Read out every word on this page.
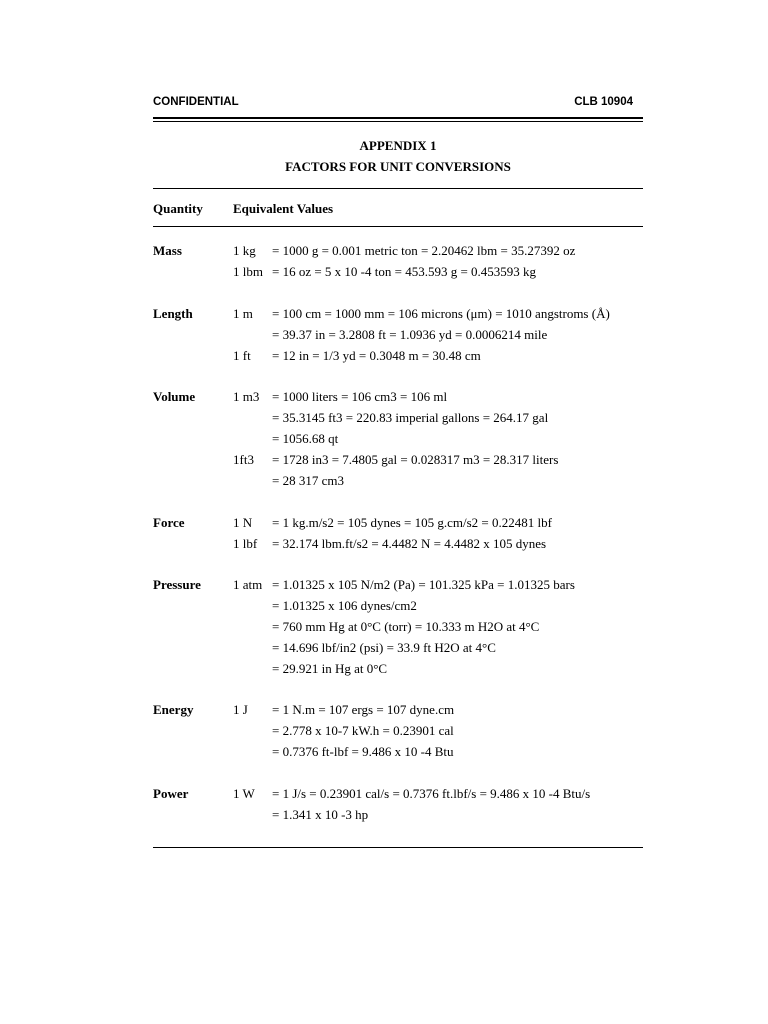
CONFIDENTIAL	CLB 10904
APPENDIX 1
FACTORS FOR UNIT CONVERSIONS
Quantity Equivalent Values
Mass	1 kg = 1000 g = 0.001 metric ton = 2.20462 lbm = 35.27392 oz
1 lbm = 16 oz = 5 x 10 -4 ton = 453.593 g = 0.453593 kg
Length	1 m = 100 cm = 1000 mm = 106 microns (μm) = 1010 angstroms (Å)
= 39.37 in = 3.2808 ft = 1.0936 yd = 0.0006214 mile
1 ft = 12 in = 1/3 yd = 0.3048 m = 30.48 cm
Volume	1 m3 = 1000 liters = 106 cm3 = 106 ml
= 35.3145 ft3 = 220.83 imperial gallons = 264.17 gal
= 1056.68 qt
1ft3 = 1728 in3 = 7.4805 gal = 0.028317 m3 = 28.317 liters
= 28 317 cm3
Force	1 N = 1 kg.m/s2 = 105 dynes = 105 g.cm/s2 = 0.22481 lbf
1 lbf = 32.174 lbm.ft/s2 = 4.4482 N = 4.4482 x 105 dynes
Pressure 1 atm = 1.01325 x 105 N/m2 (Pa) = 101.325 kPa = 1.01325 bars
= 1.01325 x 106 dynes/cm2
= 760 mm Hg at 0°C (torr) = 10.333 m H2O at 4°C
= 14.696 lbf/in2 (psi) = 33.9 ft H2O at 4°C
= 29.921 in Hg at 0°C
Energy	1 J = 1 N.m = 107 ergs = 107 dyne.cm
= 2.778 x 10-7 kW.h = 0.23901 cal
= 0.7376 ft-lbf = 9.486 x 10 -4 Btu
Power	1 W = 1 J/s = 0.23901 cal/s = 0.7376 ft.lbf/s = 9.486 x 10 -4 Btu/s
= 1.341 x 10 -3 hp
